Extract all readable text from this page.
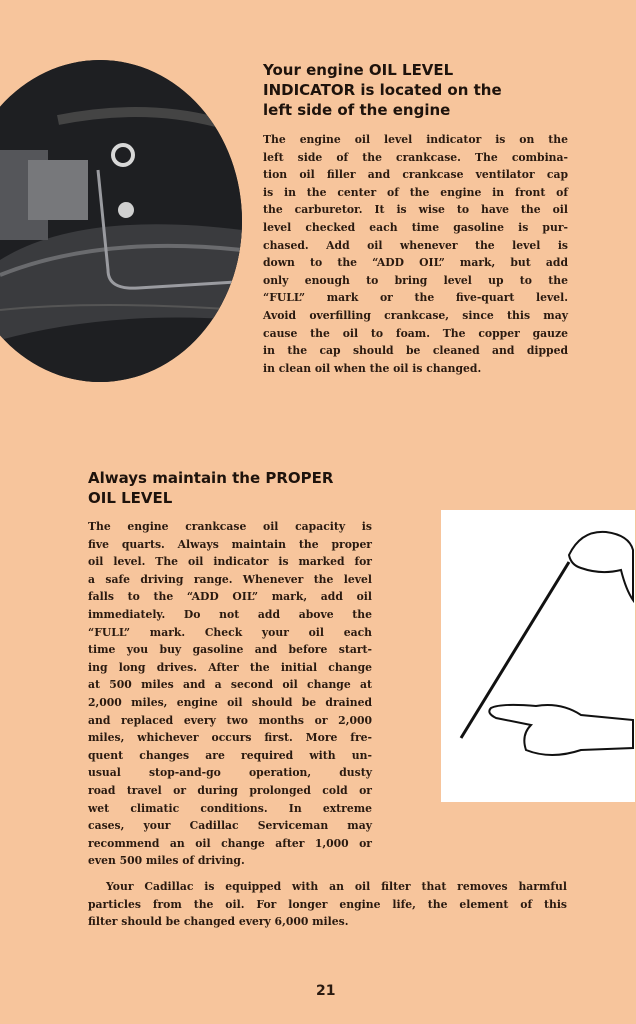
Your engine OIL LEVEL
INDICATOR is located on the
left side of the engine
The engine oil level indicator is on the
left side of the crankcase. The combina-
tion oil filler and crankcase ventilator cap
is in the center of the engine in front of
the carburetor. It is wise to have the oil
level checked each time gasoline is pur-
chased. Add oil whenever the level is
down to the “ADD OIL” mark, but add
only enough to bring level up to the
“FULL” mark or the five-quart level.
Avoid overfilling crankcase, since this may
cause the oil to foam. The copper gauze
in the cap should be cleaned and dipped
in clean oil when the oil is changed.
Always maintain the PROPER
OIL LEVEL
The engine crankcase oil capacity is
five quarts. Always maintain the proper
oil level. The oil indicator is marked for
a safe driving range. Whenever the level
falls to the “ADD OIL” mark, add oil
immediately. Do not add above the
“FULL” mark. Check your oil each
time you buy gasoline and before start-
ing long drives. After the initial change
at 500 miles and a second oil change at
2,000 miles, engine oil should be drained
and replaced every two months or 2,000
miles, whichever occurs first. More fre-
quent changes are required with un-
usual stop-and-go operation, dusty
road travel or during prolonged cold or
wet climatic conditions. In extreme
cases, your Cadillac Serviceman may
recommend an oil change after 1,000 or
even 500 miles of driving.
Your Cadillac is equipped with an oil filter that removes harmful
particles from the oil. For longer engine life, the element of this
filter should be changed every 6,000 miles.
21
